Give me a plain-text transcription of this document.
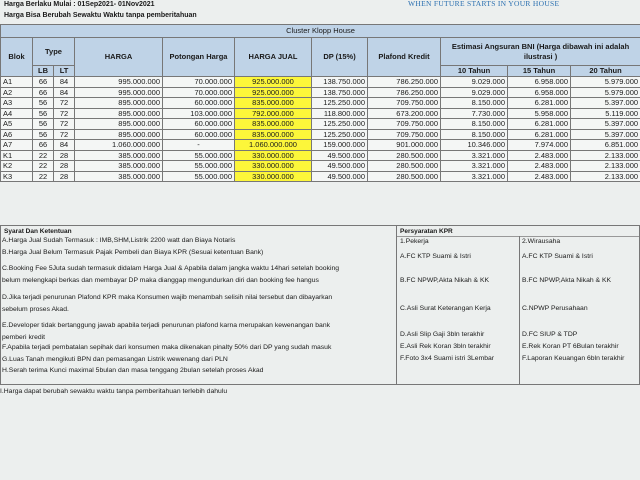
Harga Berlaku Mulai : 01Sep2021- 01Nov2021
Harga Bisa Berubah Sewaktu Waktu tanpa pemberitahuan
WHEN FUTURE STARTS IN YOUR HOUSE
Cluster Klopp House										
Blok	Type		HARGA	Potongan Harga	HARGA JUAL	DP (15%)	Plafond Kredit	Estimasi Angsuran BNI (Harga dibawah ini adalah ilustrasi )		
	LB	LT						10 Tahun	15 Tahun	20 Tahun
A1	66	84	995.000.000	70.000.000	925.000.000	138.750.000	786.250.000	9.029.000	6.958.000	5.979.000
A2	66	84	995.000.000	70.000.000	925.000.000	138.750.000	786.250.000	9.029.000	6.958.000	5.979.000
A3	56	72	895.000.000	60.000.000	835.000.000	125.250.000	709.750.000	8.150.000	6.281.000	5.397.000
A4	56	72	895.000.000	103.000.000	792.000.000	118.800.000	673.200.000	7.730.000	5.958.000	5.119.000
A5	56	72	895.000.000	60.000.000	835.000.000	125.250.000	709.750.000	8.150.000	6.281.000	5.397.000
A6	56	72	895.000.000	60.000.000	835.000.000	125.250.000	709.750.000	8.150.000	6.281.000	5.397.000
A7	66	84	1.060.000.000	-	1.060.000.000	159.000.000	901.000.000	10.346.000	7.974.000	6.851.000
K1	22	28	385.000.000	55.000.000	330.000.000	49.500.000	280.500.000	3.321.000	2.483.000	2.133.000
K2	22	28	385.000.000	55.000.000	330.000.000	49.500.000	280.500.000	3.321.000	2.483.000	2.133.000
K3	22	28	385.000.000	55.000.000	330.000.000	49.500.000	280.500.000	3.321.000	2.483.000	2.133.000
Syarat Dan Ketentuan
A.Harga Jual Sudah Termasuk : IMB,SHM,Listrik 2200 watt dan Biaya Notaris
B.Harga Jual Belum Termasuk Pajak Pembeli dan Biaya KPR (Sesuai ketentuan Bank)
C.Booking Fee 5Juta sudah termasuk didalam Harga Jual & Apabila dalam jangka waktu 14hari setelah booking
belum melengkapi berkas dan membayar DP maka dianggap mengundurkan diri dan booking fee hangus
D.Jika terjadi penurunan Plafond KPR maka Konsumen wajib menambah selisih nilai tersebut dan dibayarkan
sebelum proses Akad.
E.Developer tidak bertanggung jawab apabila terjadi penurunan plafond karna merupakan kewenangan bank
pemberi kredit
F.Apabila terjadi pembatalan sepihak dari konsumen maka dikenakan pinalty 50% dari DP yang sudah masuk
G.Luas Tanah mengikuti BPN dan pemasangan Listrik wewenang dari PLN
H.Serah terima Kunci maximal 5bulan dan masa tenggang 2bulan setelah proses Akad
Persyaratan KPR
1.Pekerja
A.FC KTP Suami & Istri
B.FC NPWP,Akta Nikah & KK
C.Asli Surat Keterangan Kerja
D.Asli Slip Gaji 3bln terakhir
E.Asli Rek Koran 3bln terakhir
F.Foto 3x4 Suami istri 3Lembar
2.Wirausaha
A.FC KTP Suami & Istri
B.FC NPWP,Akta Nikah & KK
C.NPWP Perusahaan
D.FC SIUP & TDP
E.Rek Koran PT 6Bulan terakhir
F.Laporan Keuangan 6bln terakhir
I.Harga dapat berubah sewaktu waktu tanpa pemberitahuan terlebih dahulu
